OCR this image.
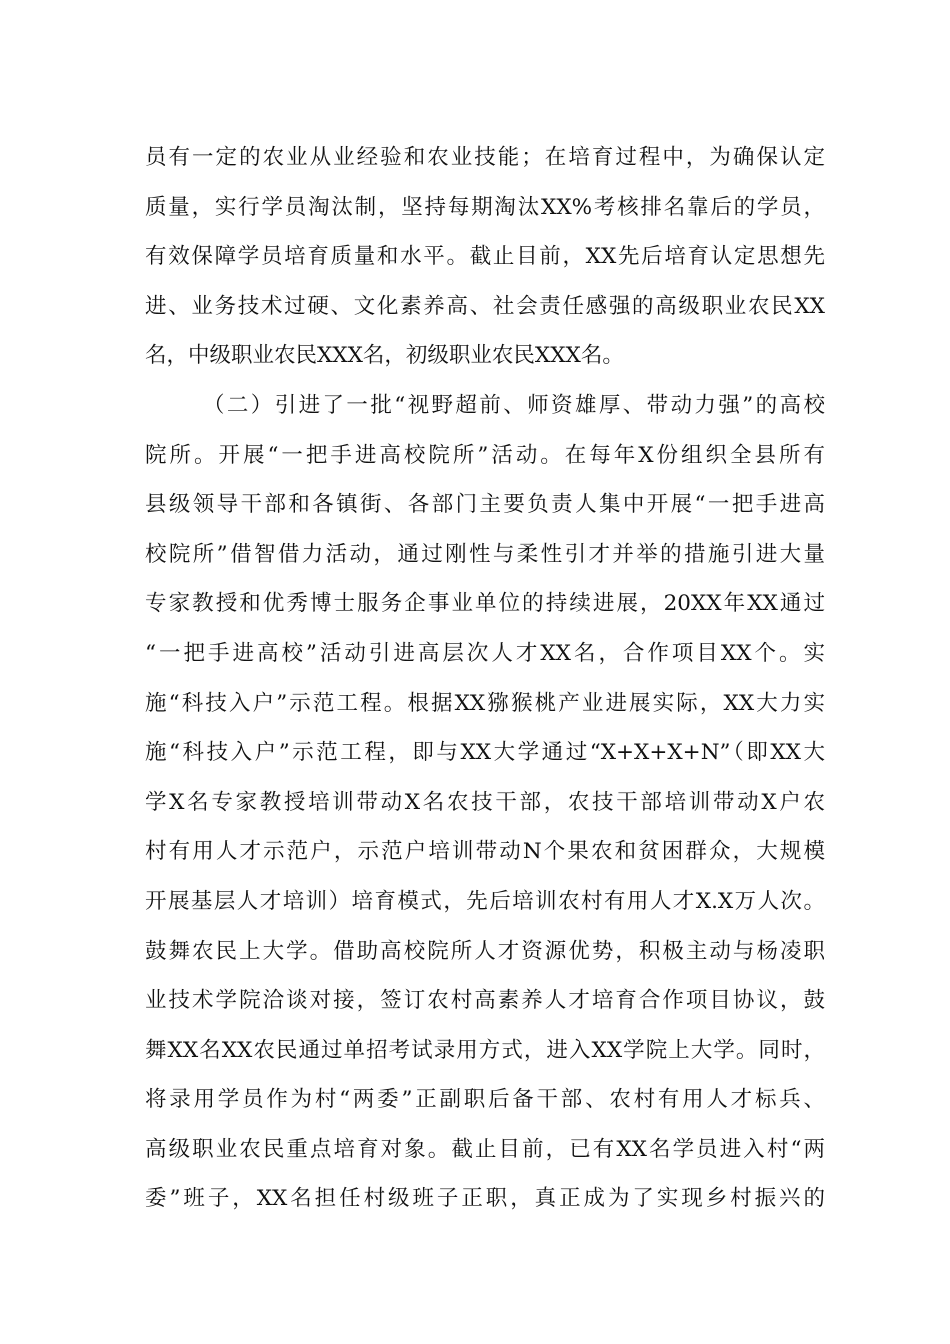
员有一定的农业从业经验和农业技能；在培育过程中，为确保认定
质量，实行学员淘汰制，坚持每期淘汰XX%考核排名靠后的学员，
有效保障学员培育质量和水平。截止目前，XX先后培育认定思想先
进、业务技术过硬、文化素养高、社会责任感强的高级职业农民XX
名，中级职业农民XXX名，初级职业农民XXX名。
（二）引进了一批“视野超前、师资雄厚、带动力强”的高校
院所。开展“一把手进高校院所”活动。在每年X份组织全县所有
县级领导干部和各镇街、各部门主要负责人集中开展“一把手进高
校院所”借智借力活动，通过刚性与柔性引才并举的措施引进大量
专家教授和优秀博士服务企事业单位的持续进展，20XX年XX通过
“一把手进高校”活动引进高层次人才XX名，合作项目XX个。实
施“科技入户”示范工程。根据XX猕猴桃产业进展实际，XX大力实
施“科技入户”示范工程，即与XX大学通过“X+X+X+N”（即XX大
学X名专家教授培训带动X名农技干部，农技干部培训带动X户农
村有用人才示范户，示范户培训带动N个果农和贫困群众，大规模
开展基层人才培训）培育模式，先后培训农村有用人才X.X万人次。
鼓舞农民上大学。借助高校院所人才资源优势，积极主动与杨凌职
业技术学院洽谈对接，签订农村高素养人才培育合作项目协议，鼓
舞XX名XX农民通过单招考试录用方式，进入XX学院上大学。同时，
将录用学员作为村“两委”正副职后备干部、农村有用人才标兵、
高级职业农民重点培育对象。截止目前，已有XX名学员进入村“两
委”班子，XX名担任村级班子正职，真正成为了实现乡村振兴的
